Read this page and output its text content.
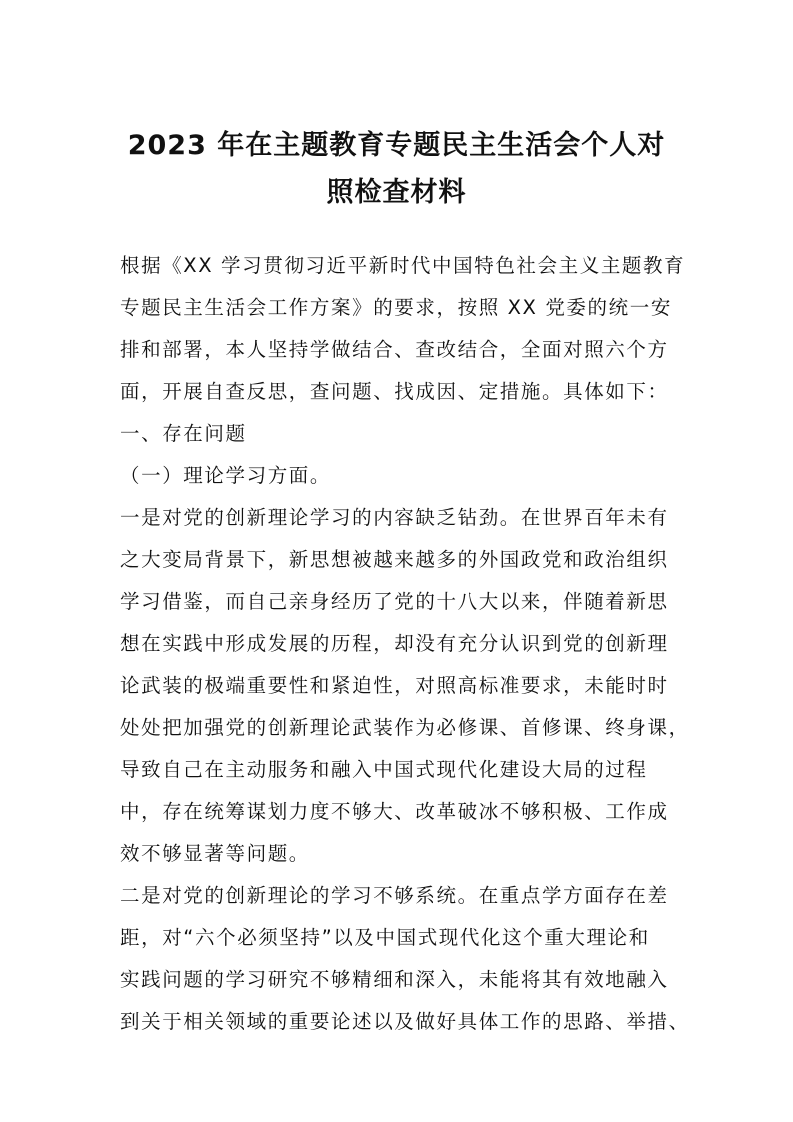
2023 年在主题教育专题民主生活会个人对
照检查材料

根据《XX 学习贯彻习近平新时代中国特色社会主义主题教育

专题民主生活会工作方案》的要求，按照 XX 党委的统一安

排和部署，本人坚持学做结合、查改结合，全面对照六个方

面，开展自查反思，查问题、找成因、定措施。具体如下：

一、存在问题

（一）理论学习方面。

一是对党的创新理论学习的内容缺乏钻劲。在世界百年未有

之大变局背景下，新思想被越来越多的外国政党和政治组织

学习借鉴，而自己亲身经历了党的十八大以来，伴随着新思

想在实践中形成发展的历程，却没有充分认识到党的创新理

论武装的极端重要性和紧迫性，对照高标准要求，未能时时

处处把加强党的创新理论武装作为必修课、首修课、终身课，

导致自己在主动服务和融入中国式现代化建设大局的过程

中，存在统筹谋划力度不够大、改革破冰不够积极、工作成

效不够显著等问题。

二是对党的创新理论的学习不够系统。在重点学方面存在差

距，对“六个必须坚持”以及中国式现代化这个重大理论和

实践问题的学习研究不够精细和深入，未能将其有效地融入

到关于相关领域的重要论述以及做好具体工作的思路、举措、
